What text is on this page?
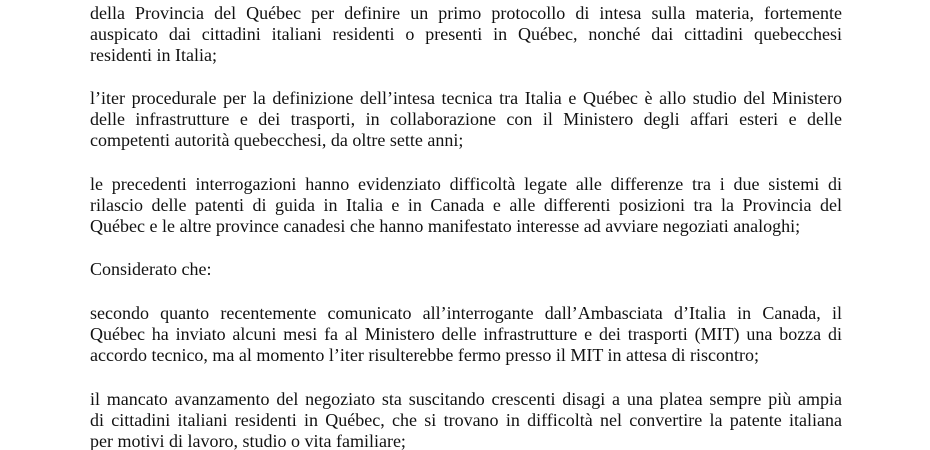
della Provincia del Québec per definire un primo protocollo di intesa sulla materia, fortemente
auspicato dai cittadini italiani residenti o presenti in Québec, nonché dai cittadini quebecchesi
residenti in Italia;

l’iter procedurale per la definizione dell’intesa tecnica tra Italia e Québec è allo studio del Ministero
delle infrastrutture e dei trasporti, in collaborazione con il Ministero degli affari esteri e delle
competenti autorità quebecchesi, da oltre sette anni;

le precedenti interrogazioni hanno evidenziato difficoltà legate alle differenze tra i due sistemi di
rilascio delle patenti di guida in Italia e in Canada e alle differenti posizioni tra la Provincia del
Québec e le altre province canadesi che hanno manifestato interesse ad avviare negoziati analoghi;

Considerato che:

secondo quanto recentemente comunicato all’interrogante dall’Ambasciata d’Italia in Canada, il
Québec ha inviato alcuni mesi fa al Ministero delle infrastrutture e dei trasporti (MIT) una bozza di
accordo tecnico, ma al momento l’iter risulterebbe fermo presso il MIT in attesa di riscontro;

il mancato avanzamento del negoziato sta suscitando crescenti disagi a una platea sempre più ampia
di cittadini italiani residenti in Québec, che si trovano in difficoltà nel convertire la patente italiana
per motivi di lavoro, studio o vita familiare;
